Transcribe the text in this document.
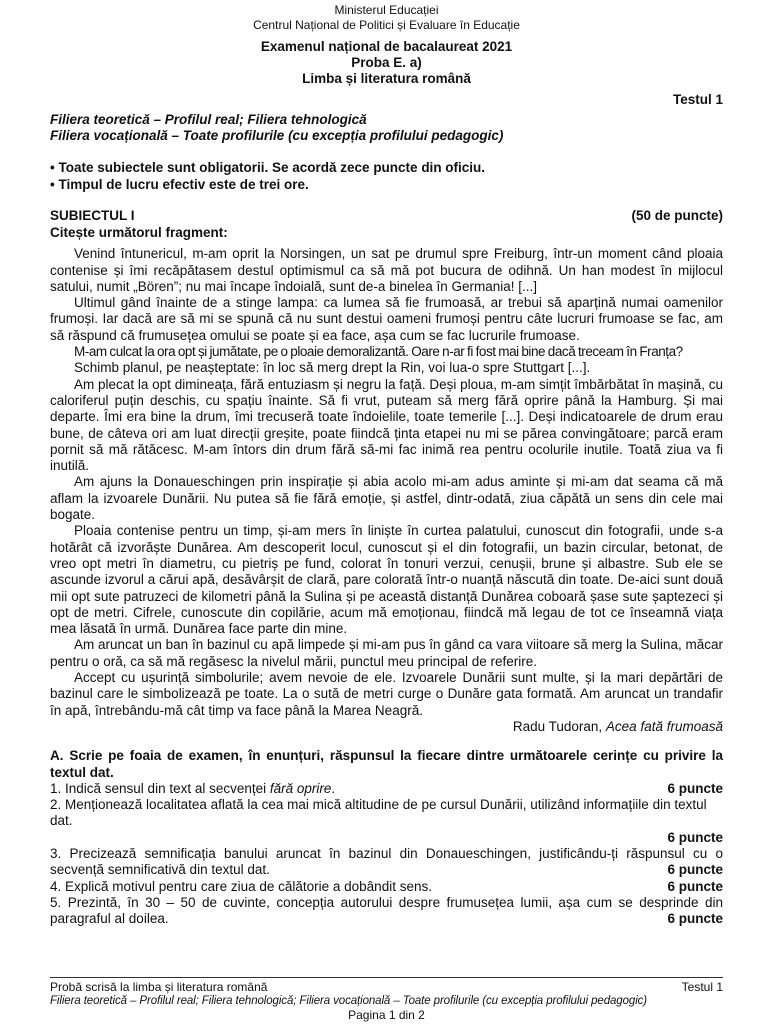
Ministerul Educației
Centrul Național de Politici și Evaluare în Educație
Examenul național de bacalaureat 2021
Proba E. a)
Limba și literatura română
Testul 1
Filiera teoretică – Profilul real; Filiera tehnologică
Filiera vocațională – Toate profilurile (cu excepția profilului pedagogic)
• Toate subiectele sunt obligatorii. Se acordă zece puncte din oficiu.
• Timpul de lucru efectiv este de trei ore.
SUBIECTUL I	(50 de puncte)
Citește următorul fragment:

Venind întunericul, m-am oprit la Norsingen, un sat pe drumul spre Freiburg, într-un moment când ploaia contenise și îmi recăpătasem destul optimismul ca să mă pot bucura de odihnă. Un han modest în mijlocul satului, numit „Bören”; nu mai încape îndoială, sunt de-a binelea în Germania! [...]

Ultimul gând înainte de a stinge lampa: ca lumea să fie frumoasă, ar trebui să aparțină numai oamenilor frumoși. Iar dacă are să mi se spună că nu sunt destui oameni frumoși pentru câte lucruri frumoase se fac, am să răspund că frumusețea omului se poate și ea face, așa cum se fac lucrurile frumoase.

M-am culcat la ora opt și jumătate, pe o ploaie demoralizantă. Oare n-ar fi fost mai bine dacă treceam în Franța?

Schimb planul, pe neașteptate: în loc să merg drept la Rin, voi lua-o spre Stuttgart [...].

Am plecat la opt dimineața, fără entuziasm și negru la față. Deși ploua, m-am simțit îmbărbătat în mașină, cu caloriferul puțin deschis, cu spațiu înainte. Să fi vrut, puteam să merg fără oprire până la Hamburg. Și mai departe. Îmi era bine la drum, îmi trecuseră toate îndoielile, toate temerile [...]. Deși indicatoarele de drum erau bune, de câteva ori am luat direcții greșite, poate fiindcă ținta etapei nu mi se părea convingătoare; parcă eram pornit să mă rătăcesc. M-am întors din drum fără să-mi fac inimă rea pentru ocolurile inutile. Toată ziua va fi inutilă.

Am ajuns la Donaueschingen prin inspirație și abia acolo mi-am adus aminte și mi-am dat seama că mă aflam la izvoarele Dunării. Nu putea să fie fără emoție, și astfel, dintr-odată, ziua căpătă un sens din cele mai bogate.

Ploaia contenise pentru un timp, și-am mers în liniște în curtea palatului, cunoscut din fotografii, unde s-a hotărât că izvorăște Dunărea. Am descoperit locul, cunoscut și el din fotografii, un bazin circular, betonat, de vreo opt metri în diametru, cu pietriș pe fund, colorat în tonuri verzui, cenușii, brune și albastre. Sub ele se ascunde izvorul a cărui apă, desăvârșit de clară, pare colorată într-o nuanță născută din toate. De-aici sunt două mii opt sute patruzeci de kilometri până la Sulina și pe această distanță Dunărea coboară șase sute șaptezeci și opt de metri. Cifrele, cunoscute din copilărie, acum mă emoționau, fiindcă mă legau de tot ce înseamnă viața mea lăsată în urmă. Dunărea face parte din mine.

Am aruncat un ban în bazinul cu apă limpede și mi-am pus în gând ca vara viitoare să merg la Sulina, măcar pentru o oră, ca să mă regăsesc la nivelul mării, punctul meu principal de referire.

Accept cu ușurință simbolurile; avem nevoie de ele. Izvoarele Dunării sunt multe, și la mari depărtări de bazinul care le simbolizează pe toate. La o sută de metri curge o Dunăre gata formată. Am aruncat un trandafir în apă, întrebându-mă cât timp va face până la Marea Neagră.

Radu Tudoran, Acea fată frumoasă

A. Scrie pe foaia de examen, în enunțuri, răspunsul la fiecare dintre următoarele cerințe cu privire la textul dat.
1. Indică sensul din text al secvenței fără oprire.	6 puncte
2. Menționează localitatea aflată la cea mai mică altitudine de pe cursul Dunării, utilizând informațiile din textul dat.
6 puncte
3. Precizează semnificația banului aruncat în bazinul din Donaueschingen, justificându-ți răspunsul cu o secvență semnificativă din textul dat.	6 puncte
4. Explică motivul pentru care ziua de călătorie a dobândit sens.	6 puncte
5. Prezintă, în 30 – 50 de cuvinte, concepția autorului despre frumusețea lumii, așa cum se desprinde din paragraful al doilea.	6 puncte
Probă scrisă la limba și literatura română	Testul 1
Filiera teoretică – Profilul real; Filiera tehnologică; Filiera vocațională – Toate profilurile (cu excepția profilului pedagogic)
Pagina 1 din 2
